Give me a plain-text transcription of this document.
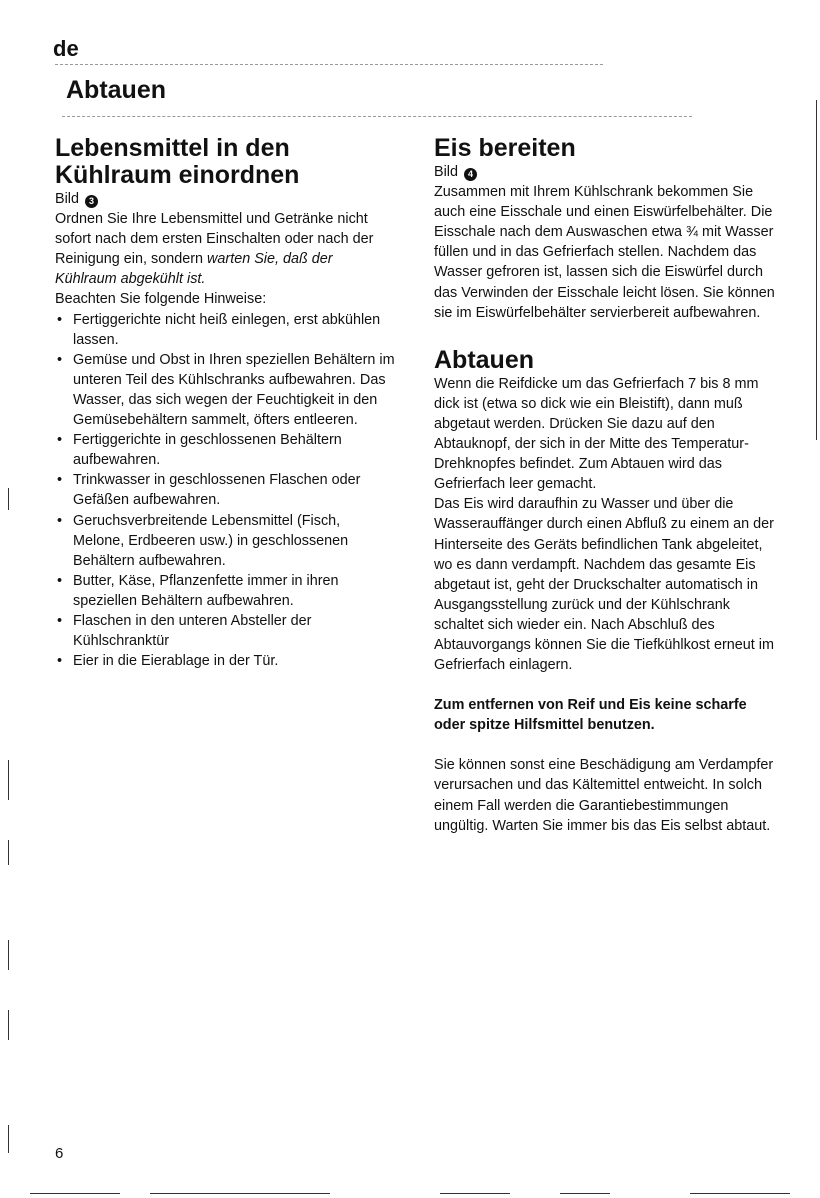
de
Abtauen
Lebensmittel in den Kühlraum einordnen
Bild 3

Ordnen Sie Ihre Lebensmittel und Getränke nicht sofort nach dem ersten Einschalten oder nach der Reinigung ein, sondern warten Sie, daß der Kühlraum abgekühlt ist.

Beachten Sie folgende Hinweise:

• Fertiggerichte nicht heiß einlegen, erst abkühlen lassen.
• Gemüse und Obst in Ihren speziellen Behältern im unteren Teil des Kühlschranks aufbewahren. Das Wasser, das sich wegen der Feuchtigkeit in den Gemüsebehältern sammelt, öfters entleeren.
• Fertiggerichte in geschlossenen Behältern aufbewahren.
• Trinkwasser in geschlossenen Flaschen oder Gefäßen aufbewahren.
• Geruchsverbreitende Lebensmittel (Fisch, Melone, Erdbeeren usw.) in geschlossenen Behältern aufbewahren.
• Butter, Käse, Pflanzenfette immer in ihren speziellen Behältern aufbewahren.
• Flaschen in den unteren Absteller der Kühlschranktür
• Eier in die Eierablage in der Tür.
Eis bereiten
Bild 4

Zusammen mit Ihrem Kühlschrank bekommen Sie auch eine Eisschale und einen Eiswürfelbehälter. Die Eisschale nach dem Auswaschen etwa ¾ mit Wasser füllen und in das Gefrierfach stellen. Nachdem das Wasser gefroren ist, lassen sich die Eiswürfel durch das Verwinden der Eisschale leicht lösen. Sie können sie im Eiswürfelbehälter servierbereit aufbewahren.

Abtauen

Wenn die Reifdicke um das Gefrierfach 7 bis 8 mm dick ist (etwa so dick wie ein Bleistift), dann muß abgetaut werden. Drücken Sie dazu auf den Abtauknopf, der sich in der Mitte des Temperatur-Drehknopfes befindet. Zum Abtauen wird das Gefrierfach leer gemacht.

Das Eis wird daraufhin zu Wasser und über die Wasserauffänger durch einen Abfluß zu einem an der Hinterseite des Geräts befindlichen Tank abgeleitet, wo es dann verdampft. Nachdem das gesamte Eis abgetaut ist, geht der Druckschalter automatisch in Ausgangsstellung zurück und der Kühlschrank schaltet sich wieder ein. Nach Abschluß des Abtauvorgangs können Sie die Tiefkühlkost erneut im Gefrierfach einlagern.

Zum entfernen von Reif und Eis keine scharfe oder spitze Hilfsmittel benutzen.

Sie können sonst eine Beschädigung am Verdampfer verursachen und das Kältemittel entweicht. In solch einem Fall werden die Garantiebestimmungen ungültig. Warten Sie immer bis das Eis selbst abtaut.

6
